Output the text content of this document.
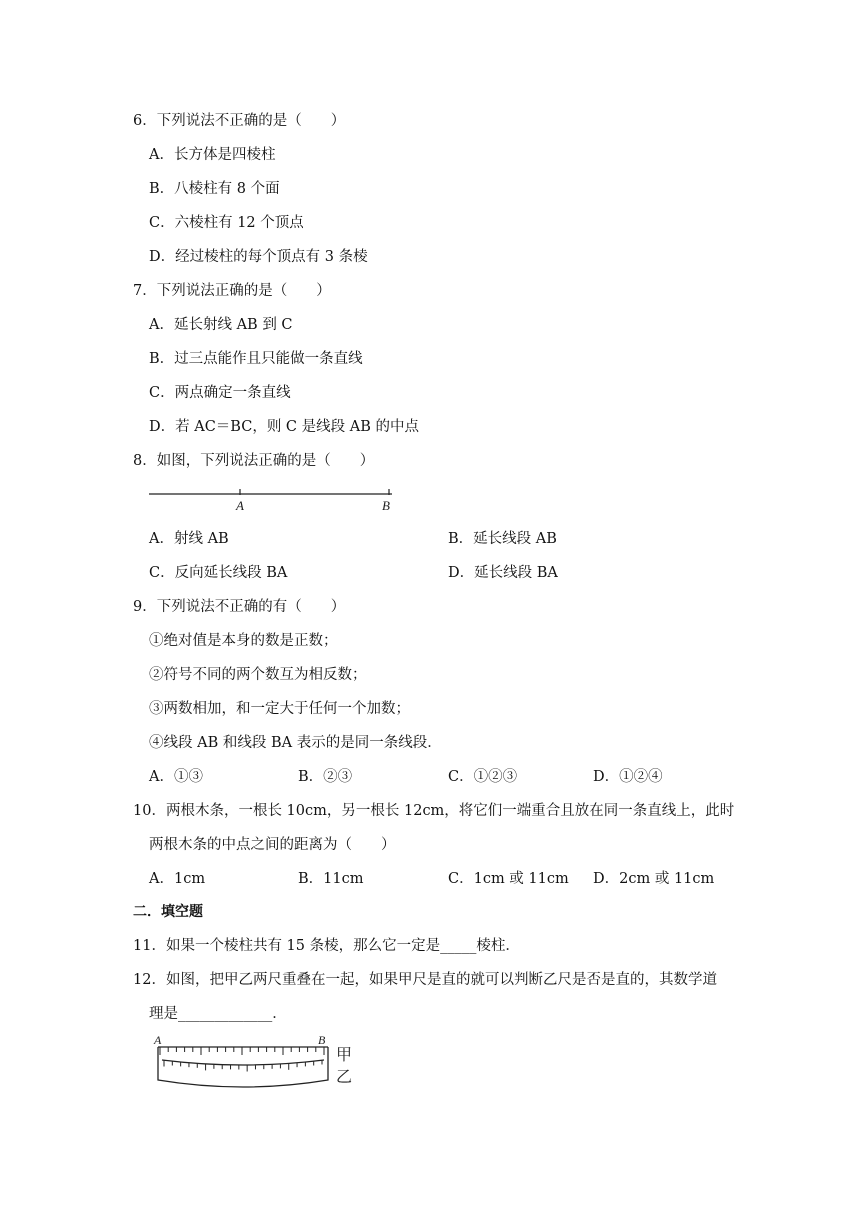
6．下列说法不正确的是（　　）
A．长方体是四棱柱
B．八棱柱有 8 个面
C．六棱柱有 12 个顶点
D．经过棱柱的每个顶点有 3 条棱
7．下列说法正确的是（　　）
A．延长射线 AB 到 C
B．过三点能作且只能做一条直线
C．两点确定一条直线
D．若 AC＝BC，则 C 是线段 AB 的中点
8．如图，下列说法正确的是（　　）
A	B
A．射线 AB	B．延长线段 AB
C．反向延长线段 BA	D．延长线段 BA
9．下列说法不正确的有（　　）
①绝对值是本身的数是正数；
②符号不同的两个数互为相反数；
③两数相加，和一定大于任何一个加数；
④线段 AB 和线段 BA 表示的是同一条线段．
A．①③	B．②③	C．①②③	D．①②④
10．两根木条，一根长 10cm，另一根长 12cm，将它们一端重合且放在同一条直线上，此时
两根木条的中点之间的距离为（　　）
A．1cm	B．11cm	C．1cm 或 11cm D．2cm 或 11cm
二．填空题
11．如果一个棱柱共有 15 条棱，那么它一定是_____棱柱．
12．如图，把甲乙两尺重叠在一起，如果甲尺是直的就可以判断乙尺是否是直的，其数学道
理是_____________．
A	B
甲
乙
